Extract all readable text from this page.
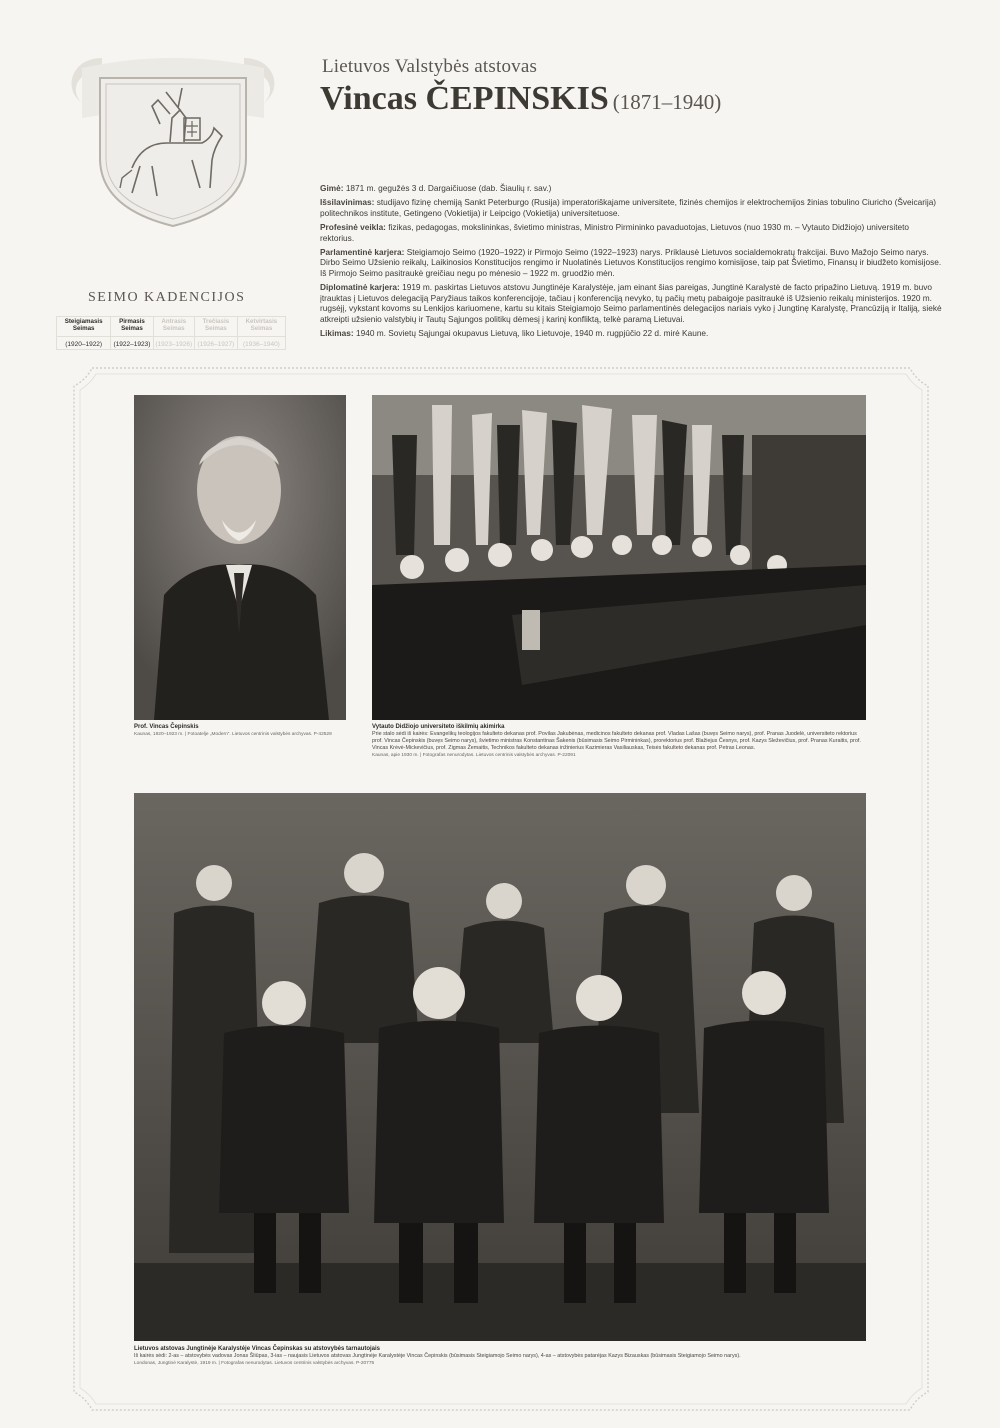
Lietuvos Valstybės atstovas
Vincas ČEPINSKIS (1871–1940)

Gimė: 1871 m. gegužės 3 d. Dargaičiuose (dab. Šiaulių r. sav.)

Išsilavinimas: studijavo fizinę chemiją Sankt Peterburgo (Rusija) imperatoriškajame universitete, fizinės chemijos ir elektrochemijos žinias tobulino Ciuricho (Šveicarija) politechnikos institute, Getingeno (Vokietija) ir Leipcigo (Vokietija) universitetuose.

Profesinė veikla: fizikas, pedagogas, mokslininkas, švietimo ministras, Ministro Pirmininko pavaduotojas, Lietuvos (nuo 1930 m. – Vytauto Didžiojo) universiteto rektorius.

Parlamentinė karjera: Steigiamojo Seimo (1920–1922) ir Pirmojo Seimo (1922–1923) narys. Priklausė Lietuvos socialdemokratų frakcijai. Buvo Mažojo Seimo narys. Dirbo Seimo Užsienio reikalų, Laikinosios Konstitucijos rengimo ir Nuolatinės Lietuvos Konstitucijos rengimo komisijose, taip pat Švietimo, Finansų ir biudžeto komisijose. Iš Pirmojo Seimo pasitraukė greičiau negu po mėnesio – 1922 m. gruodžio mėn.

Diplomatinė karjera: 1919 m. paskirtas Lietuvos atstovu Jungtinėje Karalystėje, jam einant šias pareigas, Jungtinė Karalystė de facto pripažino Lietuvą. 1919 m. buvo įtrauktas į Lietuvos delegaciją Paryžiaus taikos konferencijoje, tačiau į konferenciją nevyko, tų pačių metų pabaigoje pasitraukė iš Užsienio reikalų ministerijos. 1920 m. rugsėjį, vykstant kovoms su Lenkijos kariuomene, kartu su kitais Steigiamojo Seimo parlamentinės delegacijos nariais vyko į Jungtinę Karalystę, Prancūziją ir Italiją, siekė atkreipti užsienio valstybių ir Tautų Sąjungos politikų dėmesį į karinį konfliktą, telkė paramą Lietuvai.

Likimas: 1940 m. Sovietų Sąjungai okupavus Lietuvą, liko Lietuvoje, 1940 m. rugpjūčio 22 d. mirė Kaune.

SEIMO KADENCIJOS
Steigiamasis Seimas	Pirmasis Seimas	Antrasis Seimas	Trečiasis Seimas	Ketvirtasis Seimas
(1920–1922)	(1922–1923)	(1923–1926)	(1926–1927)	(1936–1940)
Prof. Vincas Čepinskis
Kaunas, 1920–1923 m. | Fotoatelje „Modern“. Lietuvos centrinis valstybės archyvas. P-42528
Vytauto Didžiojo universiteto iškilmių akimirka
Prie stalo sėdi iš kairės: Evangelikų teologijos fakulteto dekanas prof. Povilas Jakubėnas, medicinos fakulteto dekanas prof. Vladas Lašas (buvęs Seimo narys), prof. Pranas Juodelė, universiteto rektorius prof. Vincas Čepinskis (buvęs Seimo narys), švietimo ministras Konstantinas Šakenis (būsimasis Seimo Pirmininkas), prorektorius prof. Blažiejus Česnys, prof. Kazys Sleževičius, prof. Pranas Kuraitis, prof. Vincas Krėvė-Mickevičius, prof. Zigmas Žemaitis, Technikos fakulteto dekanas inžinierius Kazimieras Vasiliauskas, Teisės fakulteto dekanas prof. Petras Leonas.
Kaunas, apie 1930 m. | Fotografas nenurodytas. Lietuvos centrinis valstybės archyvas. P-22091
Lietuvos atstovas Jungtinėje Karalystėje Vincas Čepinskas su atstovybės tarnautojais
Iš kairės sėdi: 2-as – atstovybės vadovas Jonas Šliūpas, 3-ias – naujasis Lietuvos atstovas Jungtinėje Karalystėje Vincas Čepinskis (būsimasis Steigiamojo Seimo narys), 4-as – atstovybės patarėjas Kazys Bizauskas (būsimasis Steigiamojo Seimo narys).
Londonas, Jungtinė Karalystė, 1919 m. | Fotografas nenurodytas. Lietuvos centrinis valstybės archyvas. P-20775
